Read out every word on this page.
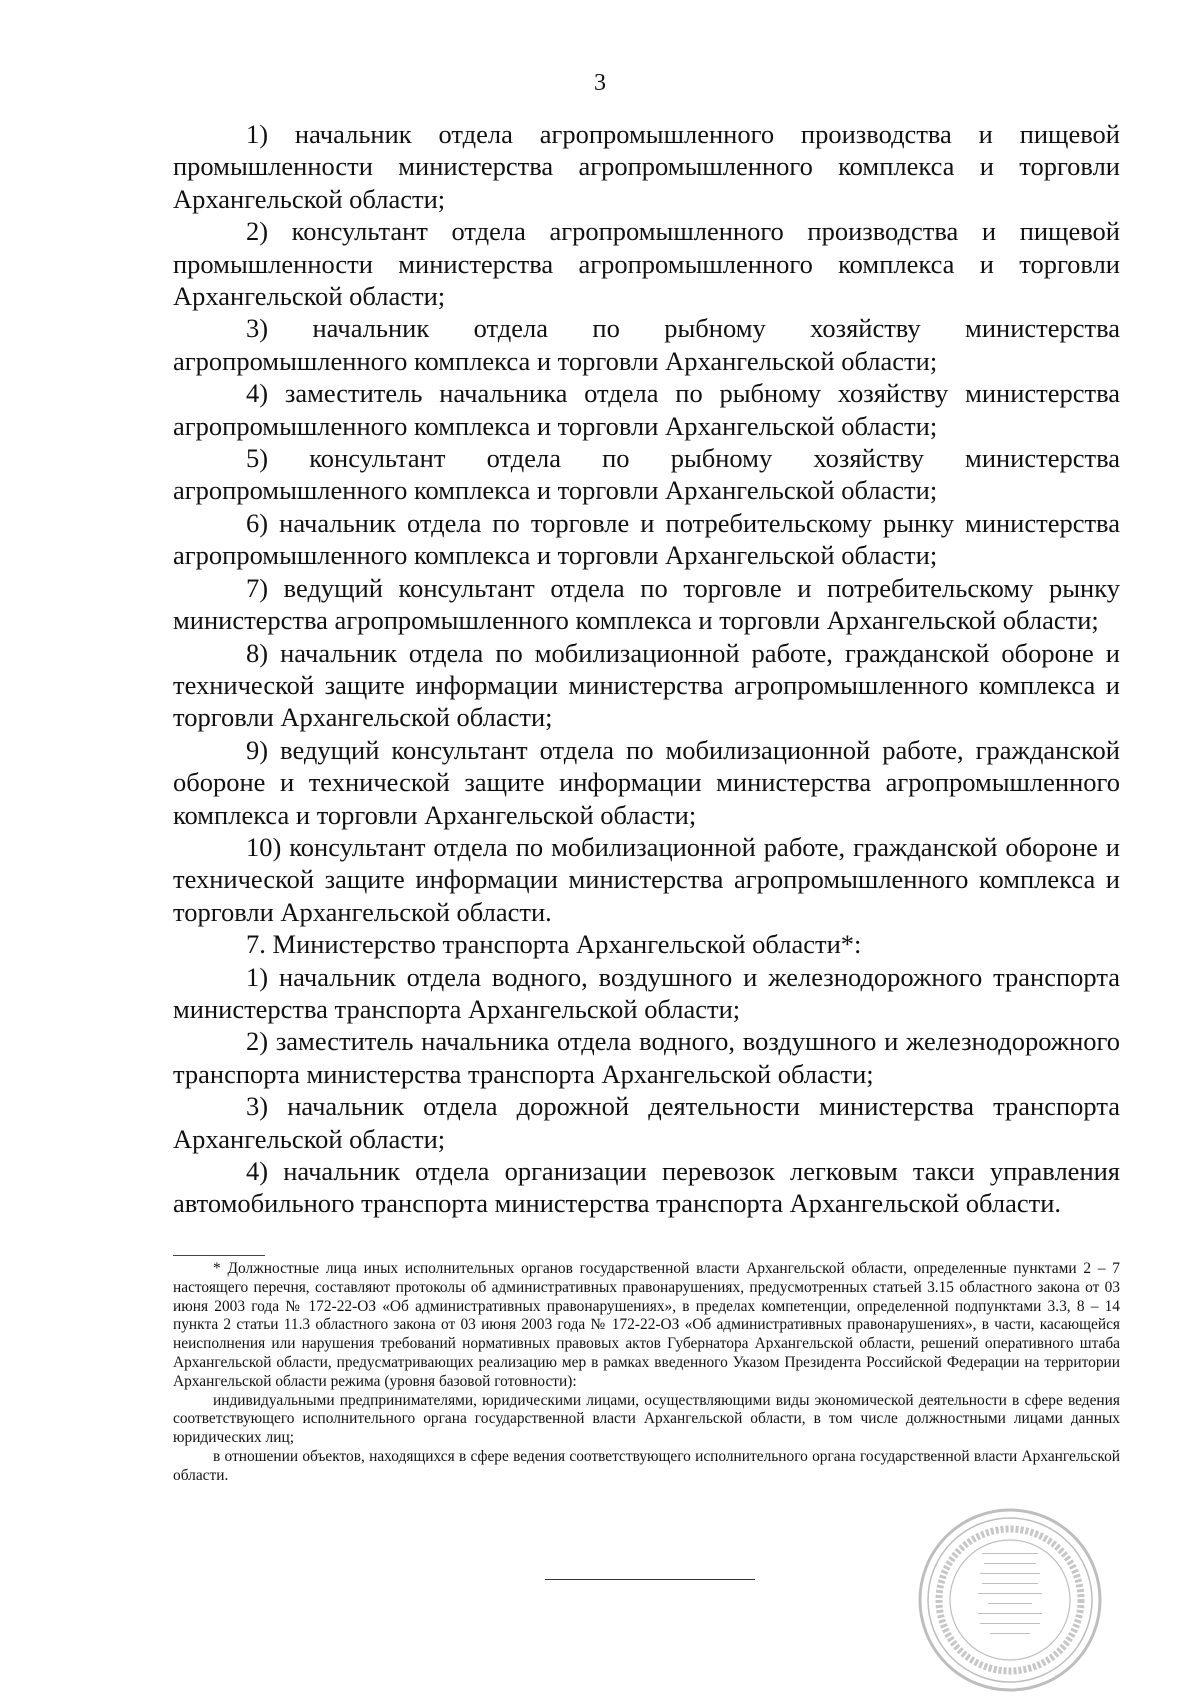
3

1) начальник отдела агропромышленного производства и пищевой промышленности министерства агропромышленного комплекса и торговли Архангельской области;

2) консультант отдела агропромышленного производства и пищевой промышленности министерства агропромышленного комплекса и торговли Архангельской области;

3) начальник отдела по рыбному хозяйству министерства агропромышленного комплекса и торговли Архангельской области;

4) заместитель начальника отдела по рыбному хозяйству министерства агропромышленного комплекса и торговли Архангельской области;

5) консультант отдела по рыбному хозяйству министерства агропромышленного комплекса и торговли Архангельской области;

6) начальник отдела по торговле и потребительскому рынку министерства агропромышленного комплекса и торговли Архангельской области;

7) ведущий консультант отдела по торговле и потребительскому рынку министерства агропромышленного комплекса и торговли Архангельской области;

8) начальник отдела по мобилизационной работе, гражданской обороне и технической защите информации министерства агропромышленного комплекса и торговли Архангельской области;

9) ведущий консультант отдела по мобилизационной работе, гражданской обороне и технической защите информации министерства агропромышленного комплекса и торговли Архангельской области;

10) консультант отдела по мобилизационной работе, гражданской обороне и технической защите информации министерства агропромышленного комплекса и торговли Архангельской области.

7. Министерство транспорта Архангельской области*:

1) начальник отдела водного, воздушного и железнодорожного транспорта министерства транспорта Архангельской области;

2) заместитель начальника отдела водного, воздушного и железнодорожного транспорта министерства транспорта Архангельской области;

3) начальник отдела дорожной деятельности министерства транспорта Архангельской области;

4) начальник отдела организации перевозок легковым такси управления автомобильного транспорта министерства транспорта Архангельской области.

* Должностные лица иных исполнительных органов государственной власти Архангельской области, определенные пунктами 2 – 7 настоящего перечня, составляют протоколы об административных правонарушениях, предусмотренных статьей 3.15 областного закона от 03 июня 2003 года № 172-22-ОЗ «Об административных правонарушениях», в пределах компетенции, определенной подпунктами 3.3, 8 – 14 пункта 2 статьи 11.3 областного закона от 03 июня 2003 года № 172-22-ОЗ «Об административных правонарушениях», в части, касающейся неисполнения или нарушения требований нормативных правовых актов Губернатора Архангельской области, решений оперативного штаба Архангельской области, предусматривающих реализацию мер в рамках введенного Указом Президента Российской Федерации на территории Архангельской области режима (уровня базовой готовности):

индивидуальными предпринимателями, юридическими лицами, осуществляющими виды экономической деятельности в сфере ведения соответствующего исполнительного органа государственной власти Архангельской области, в том числе должностными лицами данных юридических лиц;

в отношении объектов, находящихся в сфере ведения соответствующего исполнительного органа государственной власти Архангельской области.
